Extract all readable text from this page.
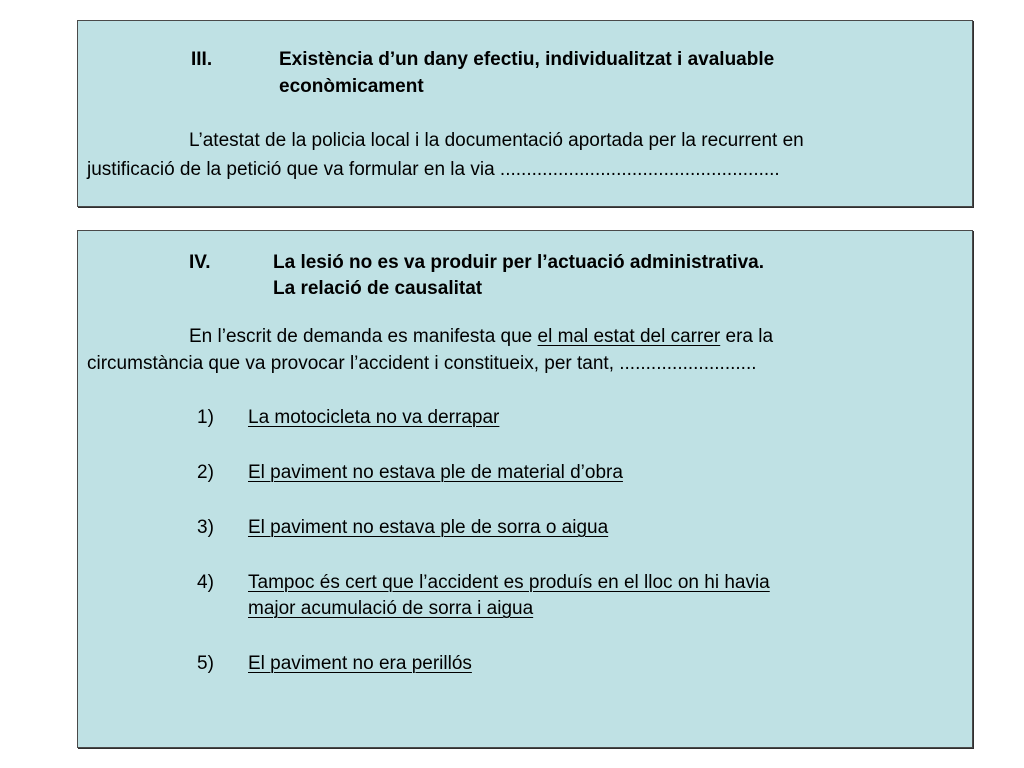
III.	Existència d’un dany efectiu, individualitzat i avaluable
econòmicament
L’atestat de la policia local i la documentació aportada per la recurrent en
justificació de la petició que va formular en la via .....................................................
IV.	La lesió no es va produir per l’actuació administrativa.
La relació de causalitat
En l’escrit de demanda es manifesta que el mal estat del carrer era la
circumstància que va provocar l’accident i constitueix, per tant, ..........................
1) La motocicleta no va derrapar
2) El paviment no estava ple de material d’obra
3) El paviment no estava ple de sorra o aigua
4) Tampoc és cert que l’accident es produís en el lloc on hi havia
major acumulació de sorra i aigua
5) El paviment no era perillós
